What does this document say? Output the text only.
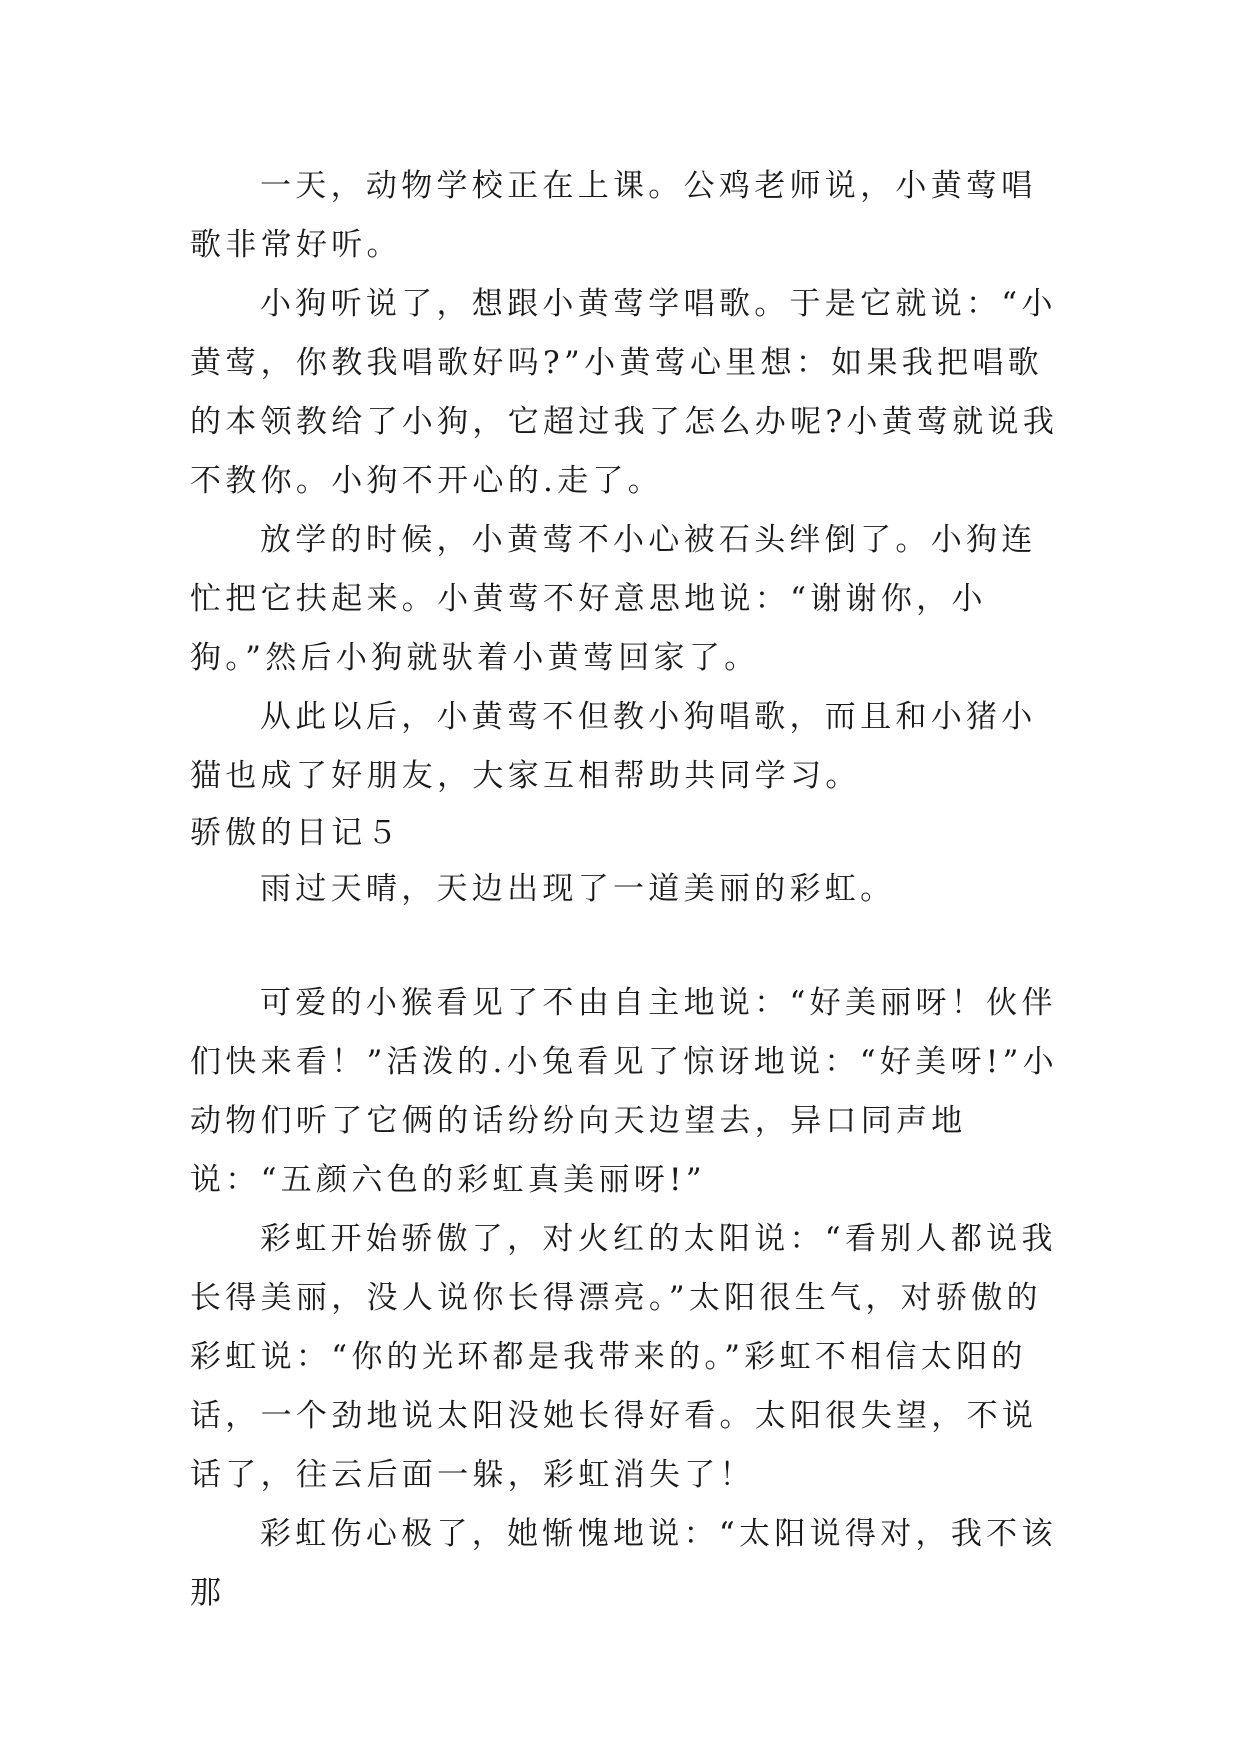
一天，动物学校正在上课。公鸡老师说，小黄莺唱歌非常好听。

小狗听说了，想跟小黄莺学唱歌。于是它就说：“小黄莺，你教我唱歌好吗?”小黄莺心里想：如果我把唱歌的本领教给了小狗，它超过我了怎么办呢?小黄莺就说我不教你。小狗不开心的.走了。

放学的时候，小黄莺不小心被石头绊倒了。小狗连忙把它扶起来。小黄莺不好意思地说：“谢谢你，小狗。”然后小狗就驮着小黄莺回家了。

从此以后，小黄莺不但教小狗唱歌，而且和小猪小猫也成了好朋友，大家互相帮助共同学习。

骄傲的日记５

雨过天晴，天边出现了一道美丽的彩虹。

可爱的小猴看见了不由自主地说：“好美丽呀！伙伴们快来看！”活泼的.小兔看见了惊讶地说：“好美呀!”小动物们听了它俩的话纷纷向天边望去，异口同声地说：“五颜六色的彩虹真美丽呀!”

彩虹开始骄傲了，对火红的太阳说：“看别人都说我长得美丽，没人说你长得漂亮。”太阳很生气，对骄傲的彩虹说：“你的光环都是我带来的。”彩虹不相信太阳的话，一个劲地说太阳没她长得好看。太阳很失望，不说话了，往云后面一躲，彩虹消失了！

彩虹伤心极了，她惭愧地说：“太阳说得对，我不该那
